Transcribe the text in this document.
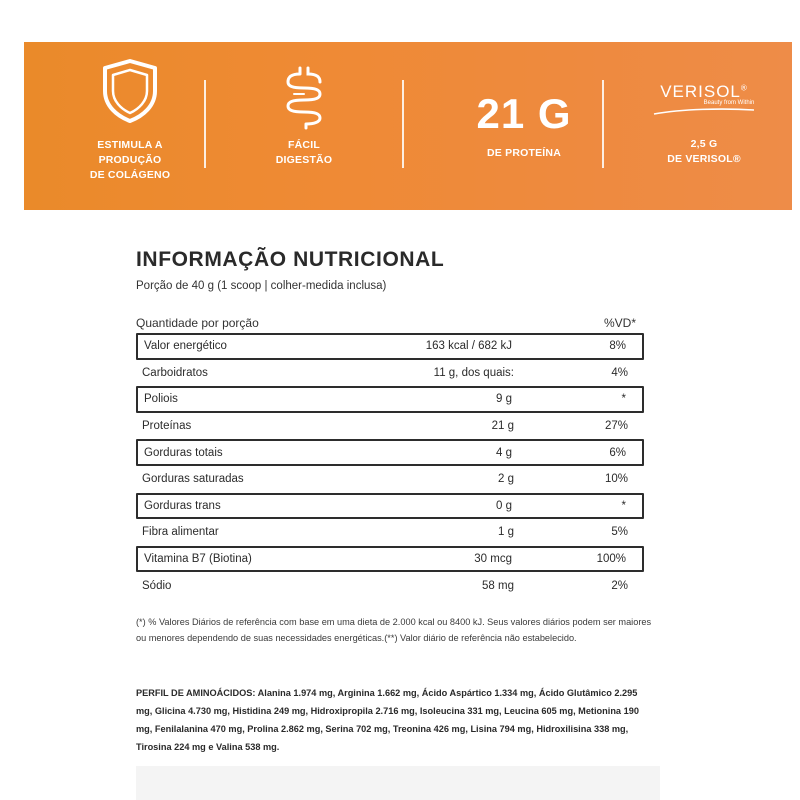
ESTIMULA A
PRODUÇÃO
DE COLÁGENO
FÁCIL
DIGESTÃO
21 G
DE PROTEÍNA
VERISOL®
Beauty from Within
2,5 G
DE VERISOL®
INFORMAÇÃO NUTRICIONAL
Porção de 40 g (1 scoop | colher-medida inclusa)
Quantidade por porção	%VD*
Valor energético	163 kcal / 682 kJ	8%
Carboidratos	11 g, dos quais:	4%
Poliois	9 g	*
Proteínas	21 g	27%
Gorduras totais	4 g	6%
Gorduras saturadas	2 g	10%
Gorduras trans	0 g	*
Fibra alimentar	1 g	5%
Vitamina B7 (Biotina)	30 mcg	100%
Sódio	58 mg	2%
(*) % Valores Diários de referência com base em uma dieta de 2.000 kcal ou 8400 kJ. Seus valores diários podem ser maiores ou menores dependendo de suas necessidades energéticas.(**) Valor diário de referência não estabelecido.
PERFIL DE AMINOÁCIDOS: Alanina 1.974 mg, Arginina 1.662 mg, Ácido Aspártico 1.334 mg, Ácido Glutâmico 2.295 mg, Glicina 4.730 mg, Histidina 249 mg, Hidroxipropila 2.716 mg, Isoleucina 331 mg, Leucina 605 mg, Metionina 190 mg, Fenilalanina 470 mg, Prolina 2.862 mg, Serina 702 mg, Treonina 426 mg, Lisina 794 mg, Hidroxilisina 338 mg, Tirosina 224 mg e Valina 538 mg.
